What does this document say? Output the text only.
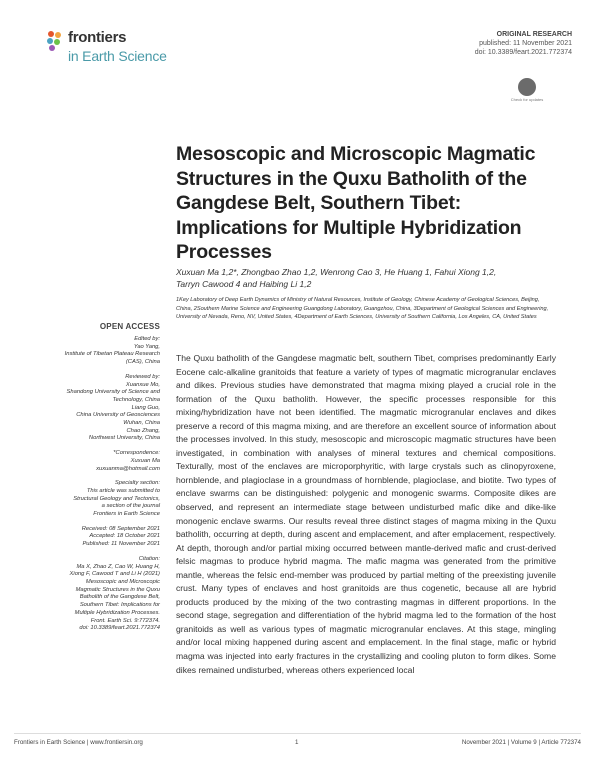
frontiers
in Earth Science
ORIGINAL RESEARCH
published: 11 November 2021
doi: 10.3389/feart.2021.772374
Check for updates
Mesoscopic and Microscopic Magmatic Structures in the Quxu Batholith of the Gangdese Belt, Southern Tibet: Implications for Multiple Hybridization Processes
Xuxuan Ma 1,2*, Zhongbao Zhao 1,2, Wenrong Cao 3, He Huang 1, Fahui Xiong 1,2,
Tarryn Cawood 4 and Haibing Li 1,2
1Key Laboratory of Deep Earth Dynamics of Ministry of Natural Resources, Institute of Geology, Chinese Academy of Geological Sciences, Beijing, China, 2Southern Marine Science and Engineering Guangdong Laboratory, Guangzhou, China, 3Department of Geological Sciences and Engineering, University of Nevada, Reno, NV, United States, 4Department of Earth Sciences, University of Southern California, Los Angeles, CA, United States
OPEN ACCESS
Edited by:
Yao Yang,
Institute of Tibetan Plateau Research
(CAS), China
Reviewed by:
Xuanxue Mo,
Shandong University of Science and
Technology, China
Liang Guo,
China University of Geosciences
Wuhan, China
Chao Zhang,
Northwest University, China
*Correspondence:
Xuxuan Ma
xuxuanma@hotmail.com
Specialty section:
This article was submitted to
Structural Geology and Tectonics,
a section of the journal
Frontiers in Earth Science
Received: 08 September 2021
Accepted: 18 October 2021
Published: 11 November 2021
Citation:
Ma X, Zhao Z, Cao W, Huang H,
Xiong F, Cawood T and Li H (2021)
Mesoscopic and Microscopic
Magmatic Structures in the Quxu
Batholith of the Gangdese Belt,
Southern Tibet: Implications for
Multiple Hybridization Processes.
Front. Earth Sci. 9:772374.
doi: 10.3389/feart.2021.772374

The Quxu batholith of the Gangdese magmatic belt, southern Tibet, comprises predominantly Early Eocene calc-alkaline granitoids that feature a variety of types of magmatic microgranular enclaves and dikes. Previous studies have demonstrated that magma mixing played a crucial role in the formation of the Quxu batholith. However, the specific processes responsible for this mixing/hybridization have not been identified. The magmatic microgranular enclaves and dikes preserve a record of this magma mixing, and are therefore an excellent source of information about the processes involved. In this study, mesoscopic and microscopic magmatic structures have been investigated, in combination with analyses of mineral textures and chemical compositions. Texturally, most of the enclaves are microporphyritic, with large crystals such as clinopyroxene, hornblende, and plagioclase in a groundmass of hornblende, plagioclase, and biotite. Two types of enclave swarms can be distinguished: polygenic and monogenic swarms. Composite dikes are observed, and represent an intermediate stage between undisturbed mafic dike and dike-like monogenic enclave swarms. Our results reveal three distinct stages of magma mixing in the Quxu batholith, occurring at depth, during ascent and emplacement, and after emplacement, respectively. At depth, thorough and/or partial mixing occurred between mantle-derived mafic and crust-derived felsic magmas to produce hybrid magma. The mafic magma was generated from the primitive mantle, whereas the felsic end-member was produced by partial melting of the preexisting juvenile crust. Many types of enclaves and host granitoids are thus cogenetic, because all are hybrid products produced by the mixing of the two contrasting magmas in different proportions. In the second stage, segregation and differentiation of the hybrid magma led to the formation of the host granitoids as well as various types of magmatic microgranular enclaves. At this stage, mingling and/or local mixing happened during ascent and emplacement. In the final stage, mafic or hybrid magma was injected into early fractures in the crystallizing and cooling pluton to form dikes. Some dikes remained undisturbed, whereas others experienced local

Frontiers in Earth Science | www.frontiersin.org	1	November 2021 | Volume 9 | Article 772374
